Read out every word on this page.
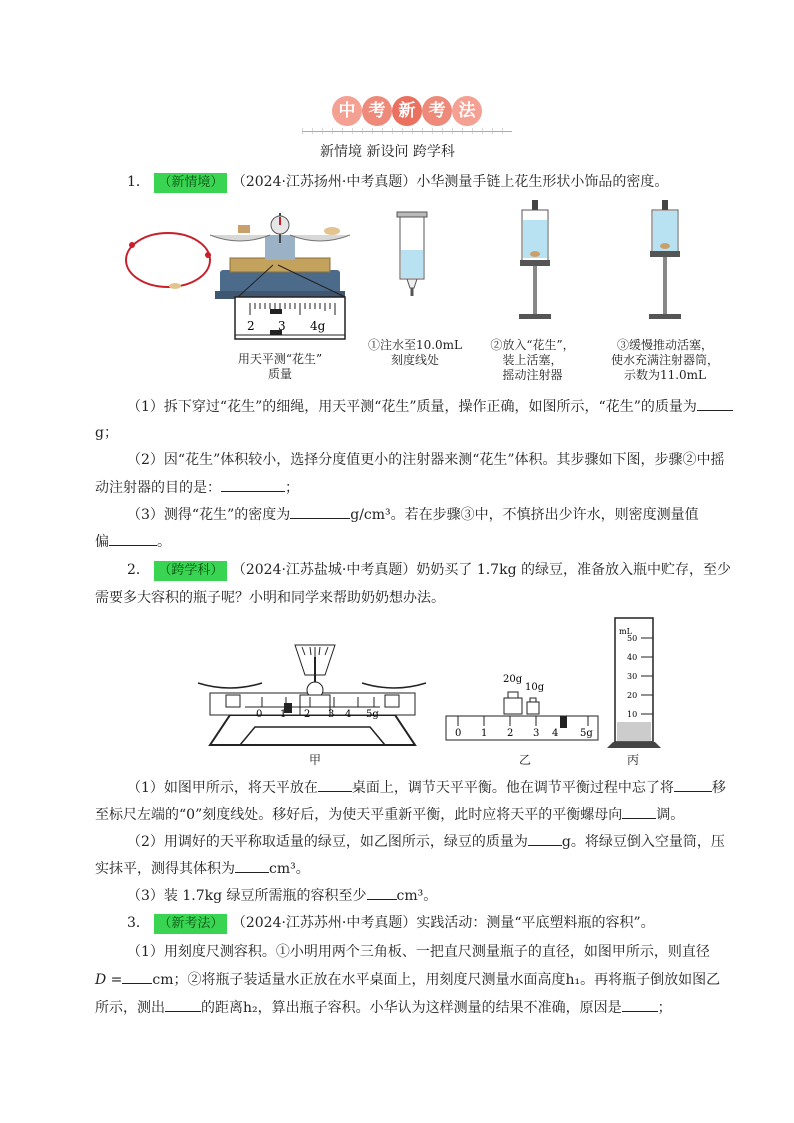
中 考 新 考 法
新情境 新设问 跨学科
1． （新情境） （2024·江苏扬州·中考真题）小华测量手链上花生形状小饰品的密度。
2 3 4g
用天平测“花生”
质量
①注水至10.0mL
刻度线处
②放入“花生”，
装上活塞，
摇动注射器
③缓慢推动活塞，
使水充满注射器筒，
示数为11.0mL
（1）拆下穿过“花生”的细绳，用天平测“花生”质量，操作正确，如图所示，“花生”的质量为
g；
（2）因“花生”体积较小，选择分度值更小的注射器来测“花生”体积。其步骤如下图，步骤②中摇
动注射器的目的是：	；
（3）测得“花生”的密度为	g/cm³。若在步骤③中，不慎挤出少许水，则密度测量值
偏	。
2． （跨学科） （2024·江苏盐城·中考真题）奶奶买了 1.7kg 的绿豆，准备放入瓶中贮存，至少
需要多大容积的瓶子呢？小明和同学来帮助奶奶想办法。
0 1 2 3 4 5g
甲
20g
10g
0 1 2 3 4 5g
乙
mL
50
40
30
20
10
丙
（1）如图甲所示，将天平放在 桌面上，调节天平平衡。他在调节平衡过程中忘了将	移
至标尺左端的“0”刻度线处。移好后，为使天平重新平衡，此时应将天平的平衡螺母向 调。
（2）用调好的天平称取适量的绿豆，如乙图所示，绿豆的质量为 g。将绿豆倒入空量筒，压
实抹平，测得其体积为 cm³。
（3）装 1.7kg 绿豆所需瓶的容积至少 cm³。
3． （新考法） （2024·江苏苏州·中考真题）实践活动：测量“平底塑料瓶的容积”。
（1）用刻度尺测容积。①小明用两个三角板、一把直尺测量瓶子的直径，如图甲所示，则直径
D = cm；②将瓶子装适量水正放在水平桌面上，用刻度尺测量水面高度h₁。再将瓶子倒放如图乙
所示，测出	的距离h₂，算出瓶子容积。小华认为这样测量的结果不准确，原因是	；
